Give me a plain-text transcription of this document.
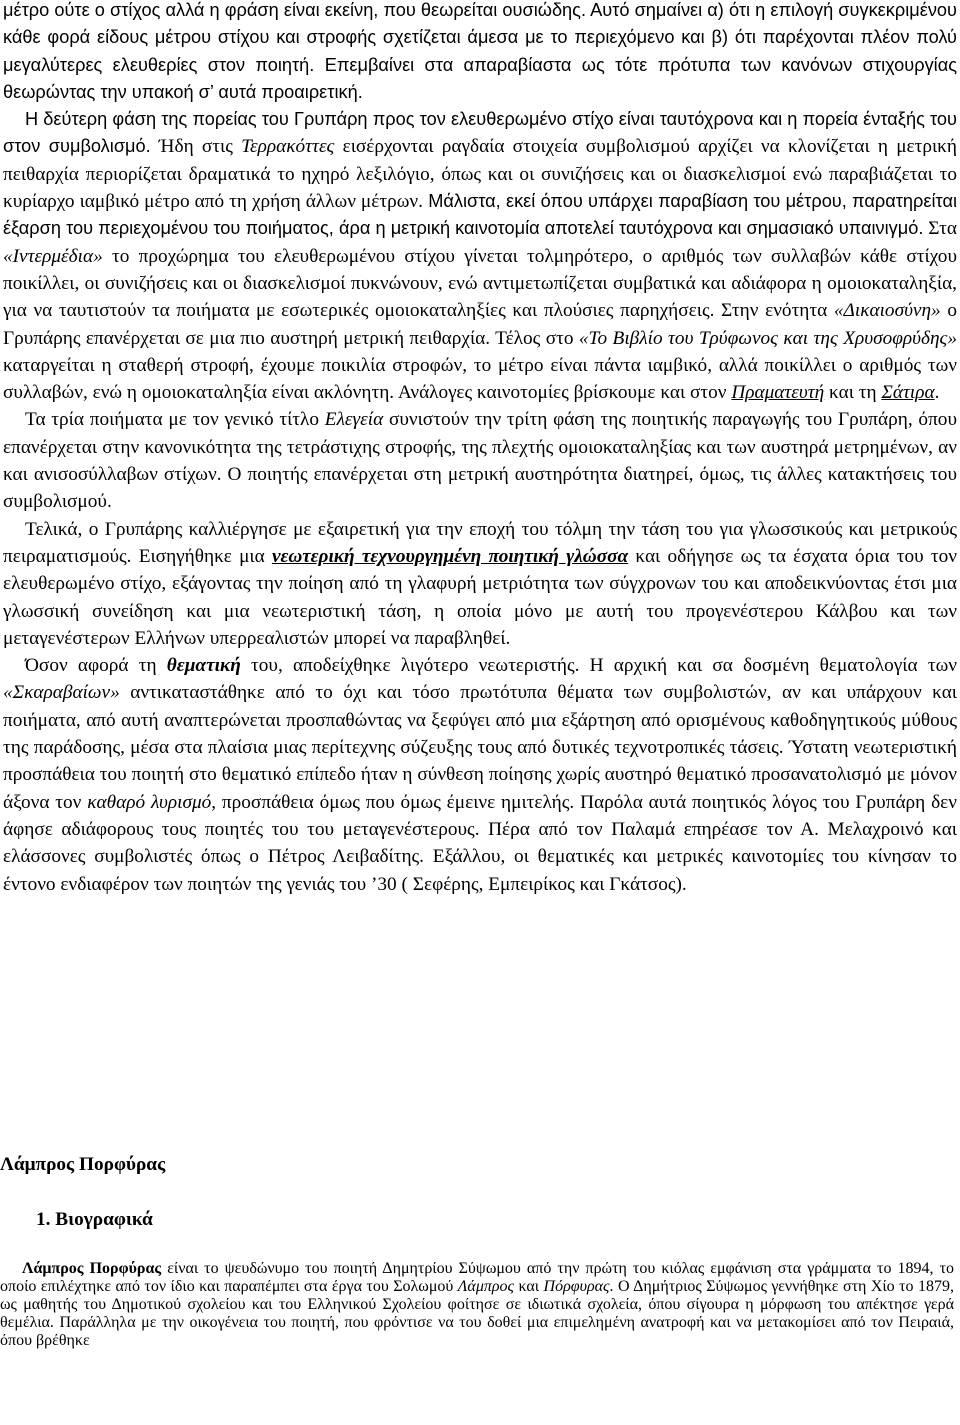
μέτρο ούτε ο στίχος αλλά η φράση είναι εκείνη, που θεωρείται ουσιώδης. Αυτό σημαίνει α) ότι η επιλογή συγκεκριμένου κάθε φορά είδους μέτρου στίχου και στροφής σχετίζεται άμεσα με το περιεχόμενο και β) ότι παρέχονται πλέον πολύ μεγαλύτερες ελευθερίες στον ποιητή. Επεμβαίνει στα απαραβίαστα ως τότε πρότυπα των κανόνων στιχουργίας θεωρώντας την υπακοή σ’ αυτά προαιρετική.

Η δεύτερη φάση της πορείας του Γρυπάρη προς τον ελευθερωμένο στίχο είναι ταυτόχρονα και η πορεία ένταξής του στον συμβολισμό. Ήδη στις Τερρακόττες εισέρχονται ραγδαία στοιχεία συμβολισμού αρχίζει να κλονίζεται η μετρική πειθαρχία περιορίζεται δραματικά το ηχηρό λεξιλόγιο, όπως και οι συνιζήσεις και οι διασκελισμοί ενώ παραβιάζεται το κυρίαρχο ιαμβικό μέτρο από τη χρήση άλλων μέτρων. Μάλιστα, εκεί όπου υπάρχει παραβίαση του μέτρου, παρατηρείται έξαρση του περιεχομένου του ποιήματος, άρα η μετρική καινοτομία αποτελεί ταυτόχρονα και σημασιακό υπαινιγμό. Στα «Ιντερμέδια» το προχώρημα του ελευθερωμένου στίχου γίνεται τολμηρότερο, ο αριθμός των συλλαβών κάθε στίχου ποικίλλει, οι συνιζήσεις και οι διασκελισμοί πυκνώνουν, ενώ αντιμετωπίζεται συμβατικά και αδιάφορα η ομοιοκαταληξία, για να ταυτιστούν τα ποιήματα με εσωτερικές ομοιοκαταληξίες και πλούσιες παρηχήσεις. Στην ενότητα «Δικαιοσύνη» ο Γρυπάρης επανέρχεται σε μια πιο αυστηρή μετρική πειθαρχία. Τέλος στο «Το Βιβλίο του Τρύφωνος και της Χρυσοφρύδης» καταργείται η σταθερή στροφή, έχουμε ποικιλία στροφών, το μέτρο είναι πάντα ιαμβικό, αλλά ποικίλλει ο αριθμός των συλλαβών, ενώ η ομοιοκαταληξία είναι ακλόνητη. Ανάλογες καινοτομίες βρίσκουμε και στον Πραματευτή και τη Σάτιρα.

Τα τρία ποιήματα με τον γενικό τίτλο Ελεγεία συνιστούν την τρίτη φάση της ποιητικής παραγωγής του Γρυπάρη, όπου επανέρχεται στην κανονικότητα της τετράστιχης στροφής, της πλεχτής ομοιοκαταληξίας και των αυστηρά μετρημένων, αν και ανισοσύλλαβων στίχων. Ο ποιητής επανέρχεται στη μετρική αυστηρότητα διατηρεί, όμως, τις άλλες κατακτήσεις του συμβολισμού.

Τελικά, ο Γρυπάρης καλλιέργησε με εξαιρετική για την εποχή του τόλμη την τάση του για γλωσσικούς και μετρικούς πειραματισμούς. Εισηγήθηκε μια νεωτερική τεχνουργημένη ποιητική γλώσσα και οδήγησε ως τα έσχατα όρια του τον ελευθερωμένο στίχο, εξάγοντας την ποίηση από τη γλαφυρή μετριότητα των σύγχρονων του και αποδεικνύοντας έτσι μια γλωσσική συνείδηση και μια νεωτεριστική τάση, η οποία μόνο με αυτή του προγενέστερου Κάλβου και των μεταγενέστερων Ελλήνων υπερρεαλιστών μπορεί να παραβληθεί.

Όσον αφορά τη θεματική του, αποδείχθηκε λιγότερο νεωτεριστής. Η αρχική και σα δοσμένη θεματολογία των «Σκαραβαίων» αντικαταστάθηκε από το όχι και τόσο πρωτότυπα θέματα των συμβολιστών, αν και υπάρχουν και ποιήματα, από αυτή αναπτερώνεται προσπαθώντας να ξεφύγει από μια εξάρτηση από ορισμένους καθοδηγητικούς μύθους της παράδοσης, μέσα στα πλαίσια μιας περίτεχνης σύζευξης τους από δυτικές τεχνοτροπικές τάσεις. Ύστατη νεωτεριστική προσπάθεια του ποιητή στο θεματικό επίπεδο ήταν η σύνθεση ποίησης χωρίς αυστηρό θεματικό προσανατολισμό με μόνον άξονα τον καθαρό λυρισμό, προσπάθεια όμως που όμως έμεινε ημιτελής. Παρόλα αυτά ποιητικός λόγος του Γρυπάρη δεν άφησε αδιάφορους τους ποιητές του του μεταγενέστερους. Πέρα από τον Παλαμά επηρέασε τον Α. Μελαχροινό και ελάσσονες συμβολιστές όπως ο Πέτρος Λειβαδίτης. Εξάλλου, οι θεματικές και μετρικές καινοτομίες του κίνησαν το έντονο ενδιαφέρον των ποιητών της γενιάς του ’30 ( Σεφέρης, Εμπειρίκος και Γκάτσος).

Λάμπρος Πορφύρας
1. Βιογραφικά

Λάμπρος Πορφύρας είναι το ψευδώνυμο του ποιητή Δημητρίου Σύψωμου από την πρώτη του κιόλας εμφάνιση στα γράμματα το 1894, το οποίο επιλέχτηκε από τον ίδιο και παραπέμπει στα έργα του Σολωμού Λάμπρος και Πόρφυρας. Ο Δημήτριος Σύψωμος γεννήθηκε στη Χίο το 1879, ως μαθητής του Δημοτικού σχολείου και του Ελληνικού Σχολείου φοίτησε σε ιδιωτικά σχολεία, όπου σίγουρα η μόρφωση του απέκτησε γερά θεμέλια. Παράλληλα με την οικογένεια του ποιητή, που φρόντισε να του δοθεί μια επιμελημένη ανατροφή και να μετακομίσει από τον Πειραιά, όπου βρέθηκε
